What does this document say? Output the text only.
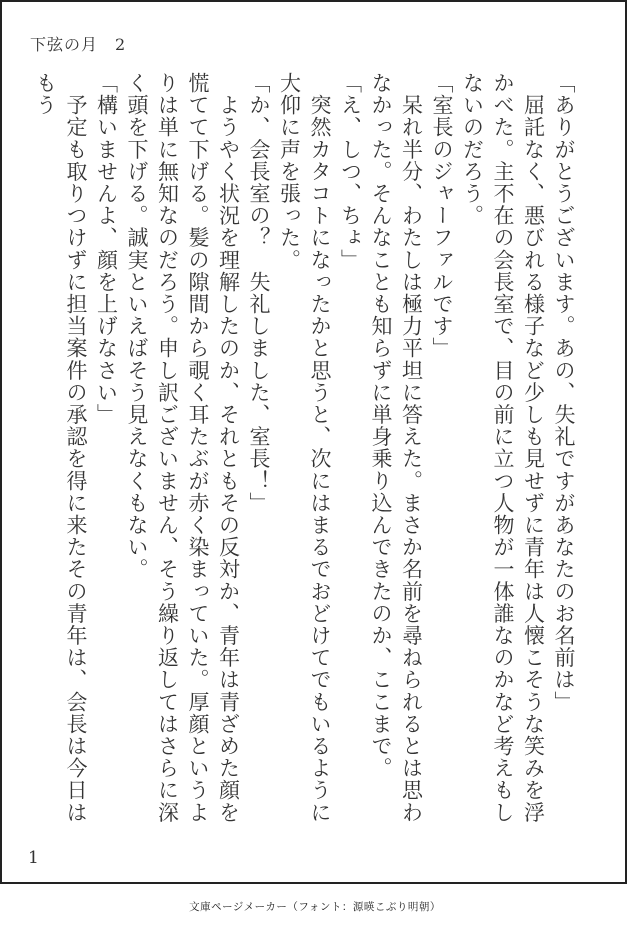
下弦の月　 2

「ありがとうございます。あの、失礼ですがあなたのお名前は」

　屈託なく、悪びれる様子など少しも見せずに青年は人懐こそうな笑みを浮かべた。主不在の会長室で、目の前に立つ人物が一体誰なのかなど考えもしないのだろう。

「室長のジャーファルです」

　呆れ半分、わたしは極力平坦に答えた。まさか名前を尋ねられるとは思わなかった。そんなことも知らずに単身乗り込んできたのか、ここまで。

「え、しつ、ちょ」

　突然カタコトになったかと思うと、次にはまるでおどけてでもいるように大仰に声を張った。

「か、会長室の？　失礼しました、室長！」

　ようやく状況を理解したのか、それともその反対か、青年は青ざめた顔を慌てて下げる。髪の隙間から覗く耳たぶが赤く染まっていた。厚顔というよりは単に無知なのだろう。申し訳ございません、そう繰り返してはさらに深く頭を下げる。誠実といえばそう見えなくもない。

「構いませんよ、顔を上げなさい」

　予定も取りつけずに担当案件の承認を得に来たその青年は、会長は今日はもう

1
文庫ページメーカー（フォント：源暎こぶり明朝）
